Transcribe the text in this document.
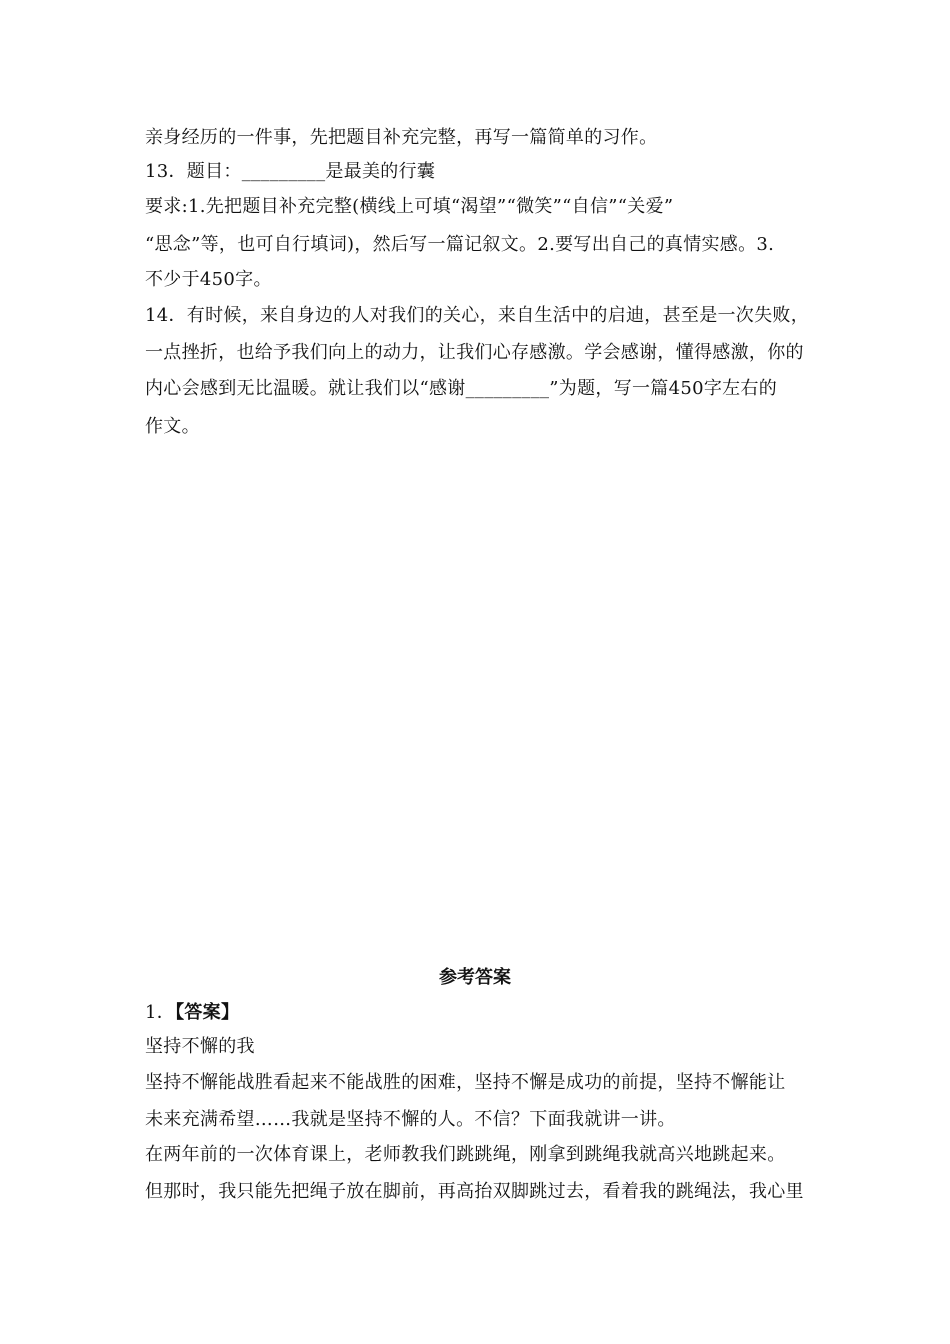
亲身经历的一件事，先把题目补充完整，再写一篇简单的习作。
13．题目：_________是最美的行囊
要求:1.先把题目补充完整(横线上可填“渴望”“微笑”“自信”“关爱”
“思念”等，也可自行填词)，然后写一篇记叙文。2.要写出自己的真情实感。3.
不少于450字。
14．有时候，来自身边的人对我们的关心，来自生活中的启迪，甚至是一次失败，
一点挫折，也给予我们向上的动力，让我们心存感激。学会感谢，懂得感激，你的
内心会感到无比温暖。就让我们以“感谢_________”为题，写一篇450字左右的
作文。
参考答案
1．【答案】
坚持不懈的我
坚持不懈能战胜看起来不能战胜的困难，坚持不懈是成功的前提，坚持不懈能让
未来充满希望……我就是坚持不懈的人。不信？下面我就讲一讲。
在两年前的一次体育课上，老师教我们跳跳绳，刚拿到跳绳我就高兴地跳起来。
但那时，我只能先把绳子放在脚前，再高抬双脚跳过去，看着我的跳绳法，我心里
